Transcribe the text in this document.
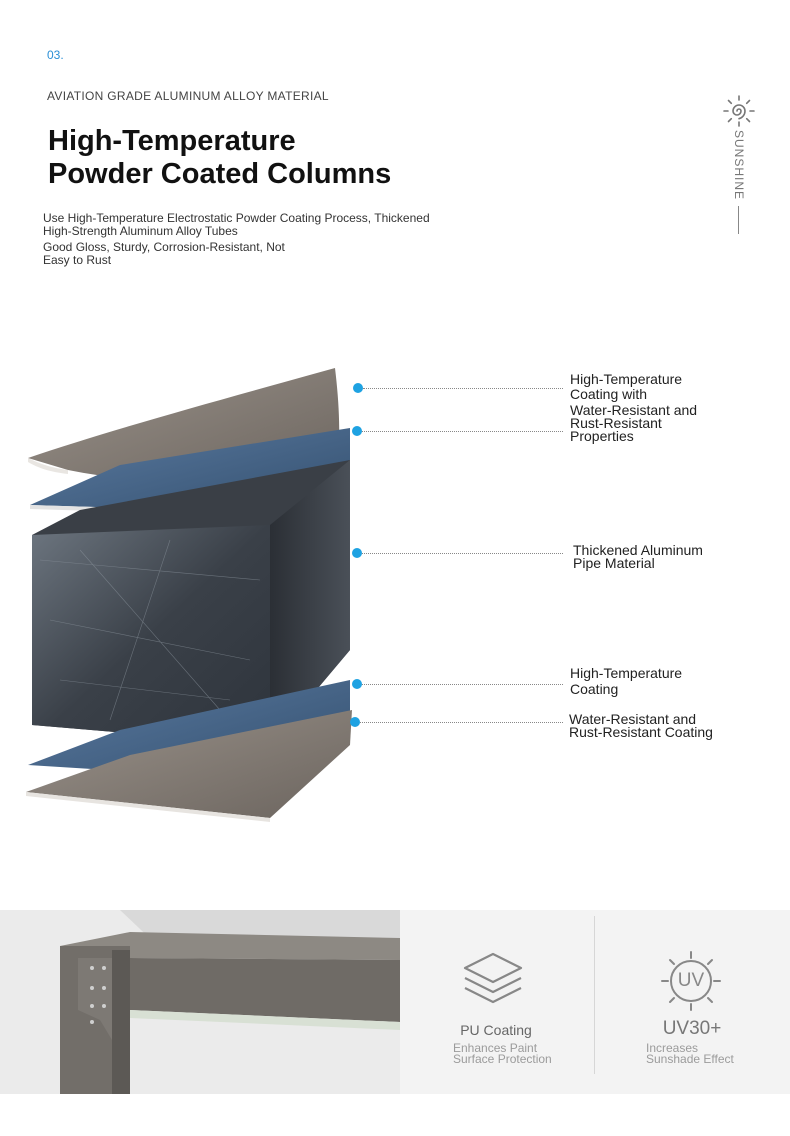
03.
AVIATION GRADE ALUMINUM ALLOY MATERIAL
High-Temperature
Powder Coated Columns
Use High-Temperature Electrostatic Powder Coating Process, Thickened
High-Strength Aluminum Alloy Tubes
Good Gloss, Sturdy, Corrosion-Resistant, Not
Easy to Rust
SUNSHINE
High-Temperature
Coating with
Water-Resistant and
Rust-Resistant
Properties
Thickened Aluminum
Pipe Material
High-Temperature
Coating
Water-Resistant and
Rust-Resistant Coating
PU Coating
Enhances Paint
Surface Protection
UV
UV30+
Increases
Sunshade Effect
